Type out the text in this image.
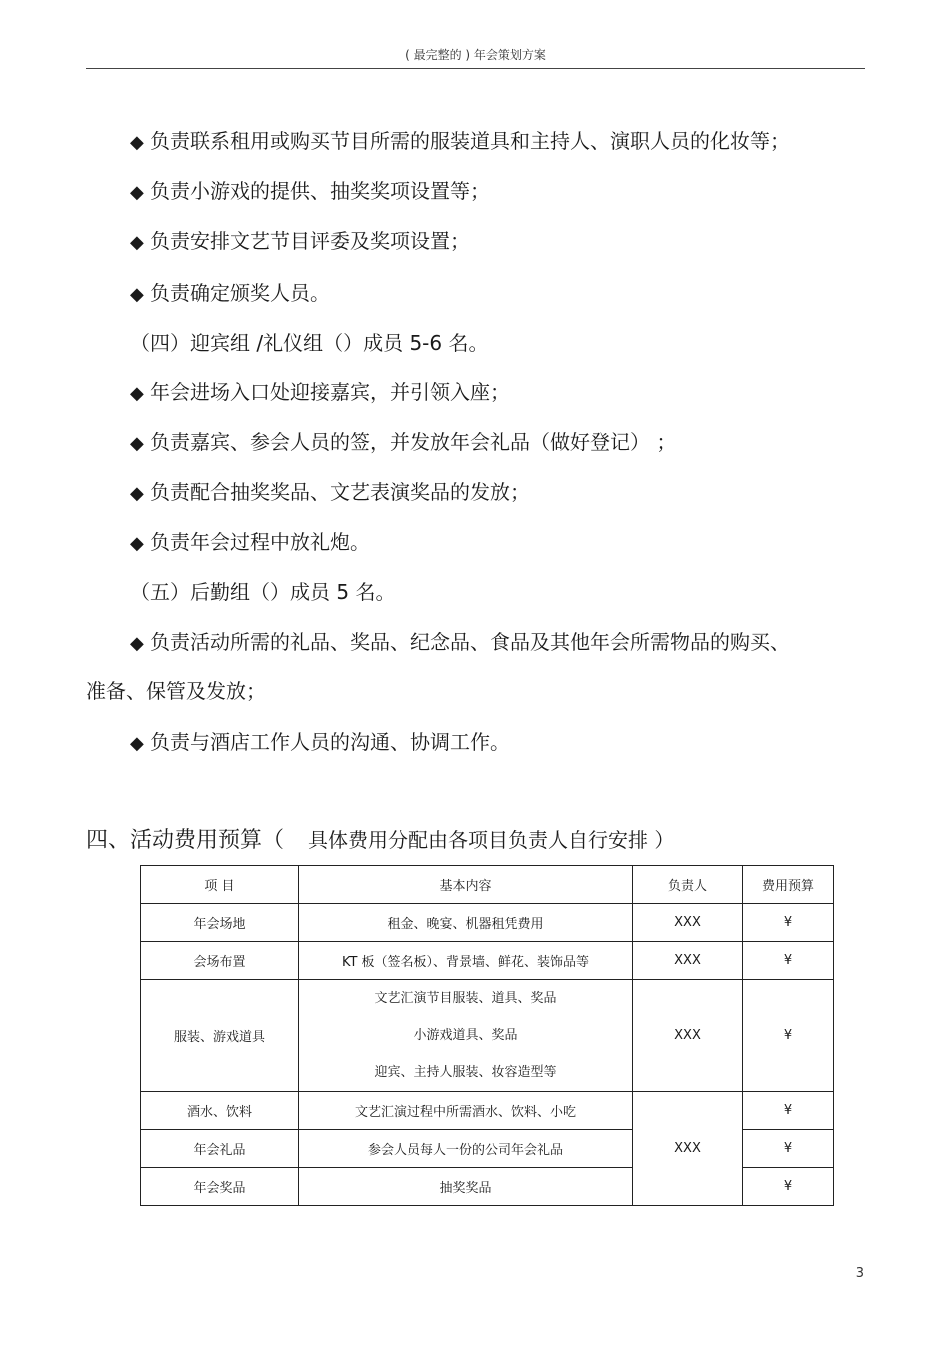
( 最完整的 ) 年会策划方案
◆ 负责联系租用或购买节目所需的服装道具和主持人、演职人员的化妆等；
◆ 负责小游戏的提供、抽奖奖项设置等；
◆ 负责安排文艺节目评委及奖项设置；
◆ 负责确定颁奖人员。
（四）迎宾组 /礼仪组（）成员 5-6 名。
◆ 年会进场入口处迎接嘉宾，并引领入座；
◆ 负责嘉宾、参会人员的签，并发放年会礼品（做好登记） ；
◆ 负责配合抽奖奖品、文艺表演奖品的发放；
◆ 负责年会过程中放礼炮。
（五）后勤组（）成员 5 名。
◆ 负责活动所需的礼品、奖品、纪念品、食品及其他年会所需物品的购买、
准备、保管及发放；
◆ 负责与酒店工作人员的沟通、协调工作。
四、活动费用预算（ 具体费用分配由各项目负责人自行安排 ）
项 目	基本内容	负责人	费用预算
年会场地	租金、晚宴、机器租凭费用	XXX	¥
会场布置	KT 板（签名板）、背景墙、鲜花、装饰品等	XXX	¥
服装、游戏道具	文艺汇演节目服装、道具、奖品
小游戏道具、奖品
迎宾、主持人服装、妆容造型等	XXX	¥
酒水、饮料	文艺汇演过程中所需酒水、饮料、小吃	XXX	¥
年会礼品	参会人员每人一份的公司年会礼品		¥
年会奖品	抽奖奖品		¥
3
